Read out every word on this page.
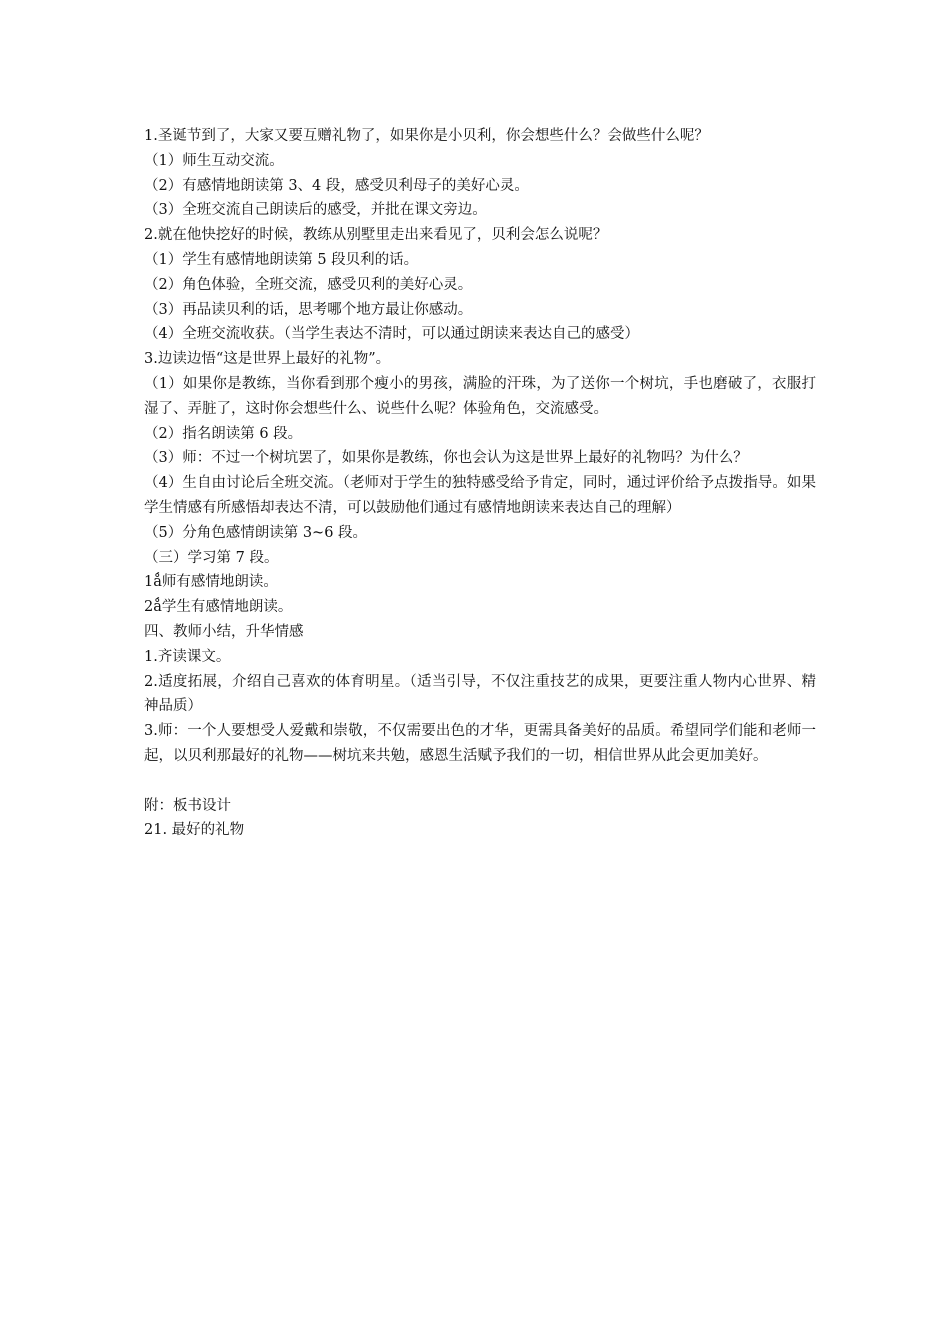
1.圣诞节到了，大家又要互赠礼物了，如果你是小贝利，你会想些什么？会做些什么呢？
（1）师生互动交流。
（2）有感情地朗读第 3、4 段，感受贝利母子的美好心灵。
（3）全班交流自己朗读后的感受，并批在课文旁边。
2.就在他快挖好的时候，教练从别墅里走出来看见了，贝利会怎么说呢？
（1）学生有感情地朗读第 5 段贝利的话。
（2）角色体验，全班交流，感受贝利的美好心灵。
（3）再品读贝利的话，思考哪个地方最让你感动。
（4）全班交流收获。（当学生表达不清时，可以通过朗读来表达自己的感受）
3.边读边悟“这是世界上最好的礼物”。
（1）如果你是教练，当你看到那个瘦小的男孩，满脸的汗珠，为了送你一个树坑，手也磨破了，衣服打湿了、弄脏了，这时你会想些什么、说些什么呢？体验角色，交流感受。
（2）指名朗读第 6 段。
（3）师：不过一个树坑罢了，如果你是教练，你也会认为这是世界上最好的礼物吗？为什么？
（4）生自由讨论后全班交流。（老师对于学生的独特感受给予肯定，同时，通过评价给予点拨指导。如果学生情感有所感悟却表达不清，可以鼓励他们通过有感情地朗读来表达自己的理解）
（5）分角色感情朗读第 3~6 段。
（三）学习第 7 段。
1ǻ师有感情地朗读。
2ǻ学生有感情地朗读。
四、教师小结，升华情感
1.齐读课文。
2.适度拓展，介绍自己喜欢的体育明星。（适当引导，不仅注重技艺的成果，更要注重人物内心世界、精神品质）
3.师：一个人要想受人爱戴和崇敬，不仅需要出色的才华，更需具备美好的品质。希望同学们能和老师一起，以贝利那最好的礼物——树坑来共勉，感恩生活赋予我们的一切，相信世界从此会更加美好。
附：板书设计
21. 最好的礼物
